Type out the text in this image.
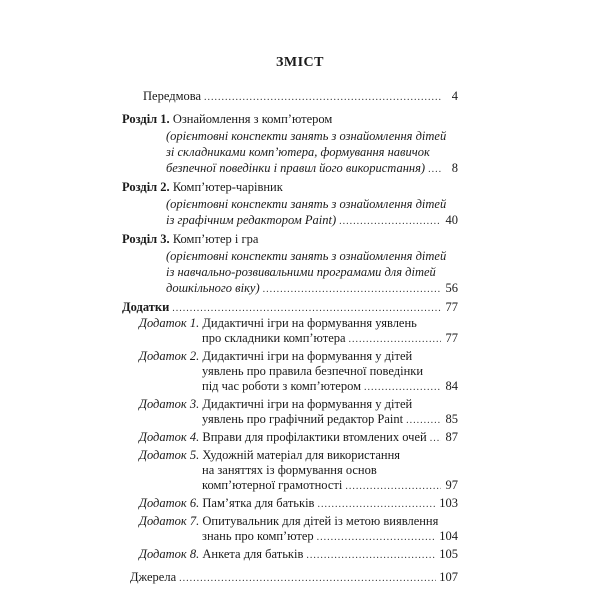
ЗМІСТ
Передмова .....	4
Розділ 1.
Ознайомлення з комп’ютером
(орієнтовні конспекти занять з ознайомлення дітей
зі складниками комп’ютера, формування навичок
безпечної поведінки і правил його використання) .....	8
Розділ 2.
Комп’ютер-чарівник
(орієнтовні конспекти занять з ознайомлення дітей
із графічним редактором Paint) .....	40
Розділ 3.
Комп’ютер і гра
(орієнтовні конспекти занять з ознайомлення дітей
із навчально-розвивальними програмами для дітей
дошкільного віку) .....	56
Додатки .....	77
Додаток 1.
Дидактичні ігри на формування уявлень
про складники комп’ютера .....	77
Додаток 2.
Дидактичні ігри на формування у дітей
уявлень про правила безпечної поведінки
під час роботи з комп’ютером .....	84
Додаток 3.
Дидактичні ігри на формування у дітей
уявлень про графічний редактор Paint .....	85
Додаток 4.
Вправи для профілактики втомлених очей ..... 87
Додаток 5.
Художній матеріал для використання
на заняттях із формування основ
комп’ютерної грамотності .....	97
Додаток 6.
Пам’ятка для батьків .....	103
Додаток 7.
Опитувальник для дітей із метою виявлення
знань про комп’ютер .....	104
Додаток 8.
Анкета для батьків .....	105
Джерела .....	107
